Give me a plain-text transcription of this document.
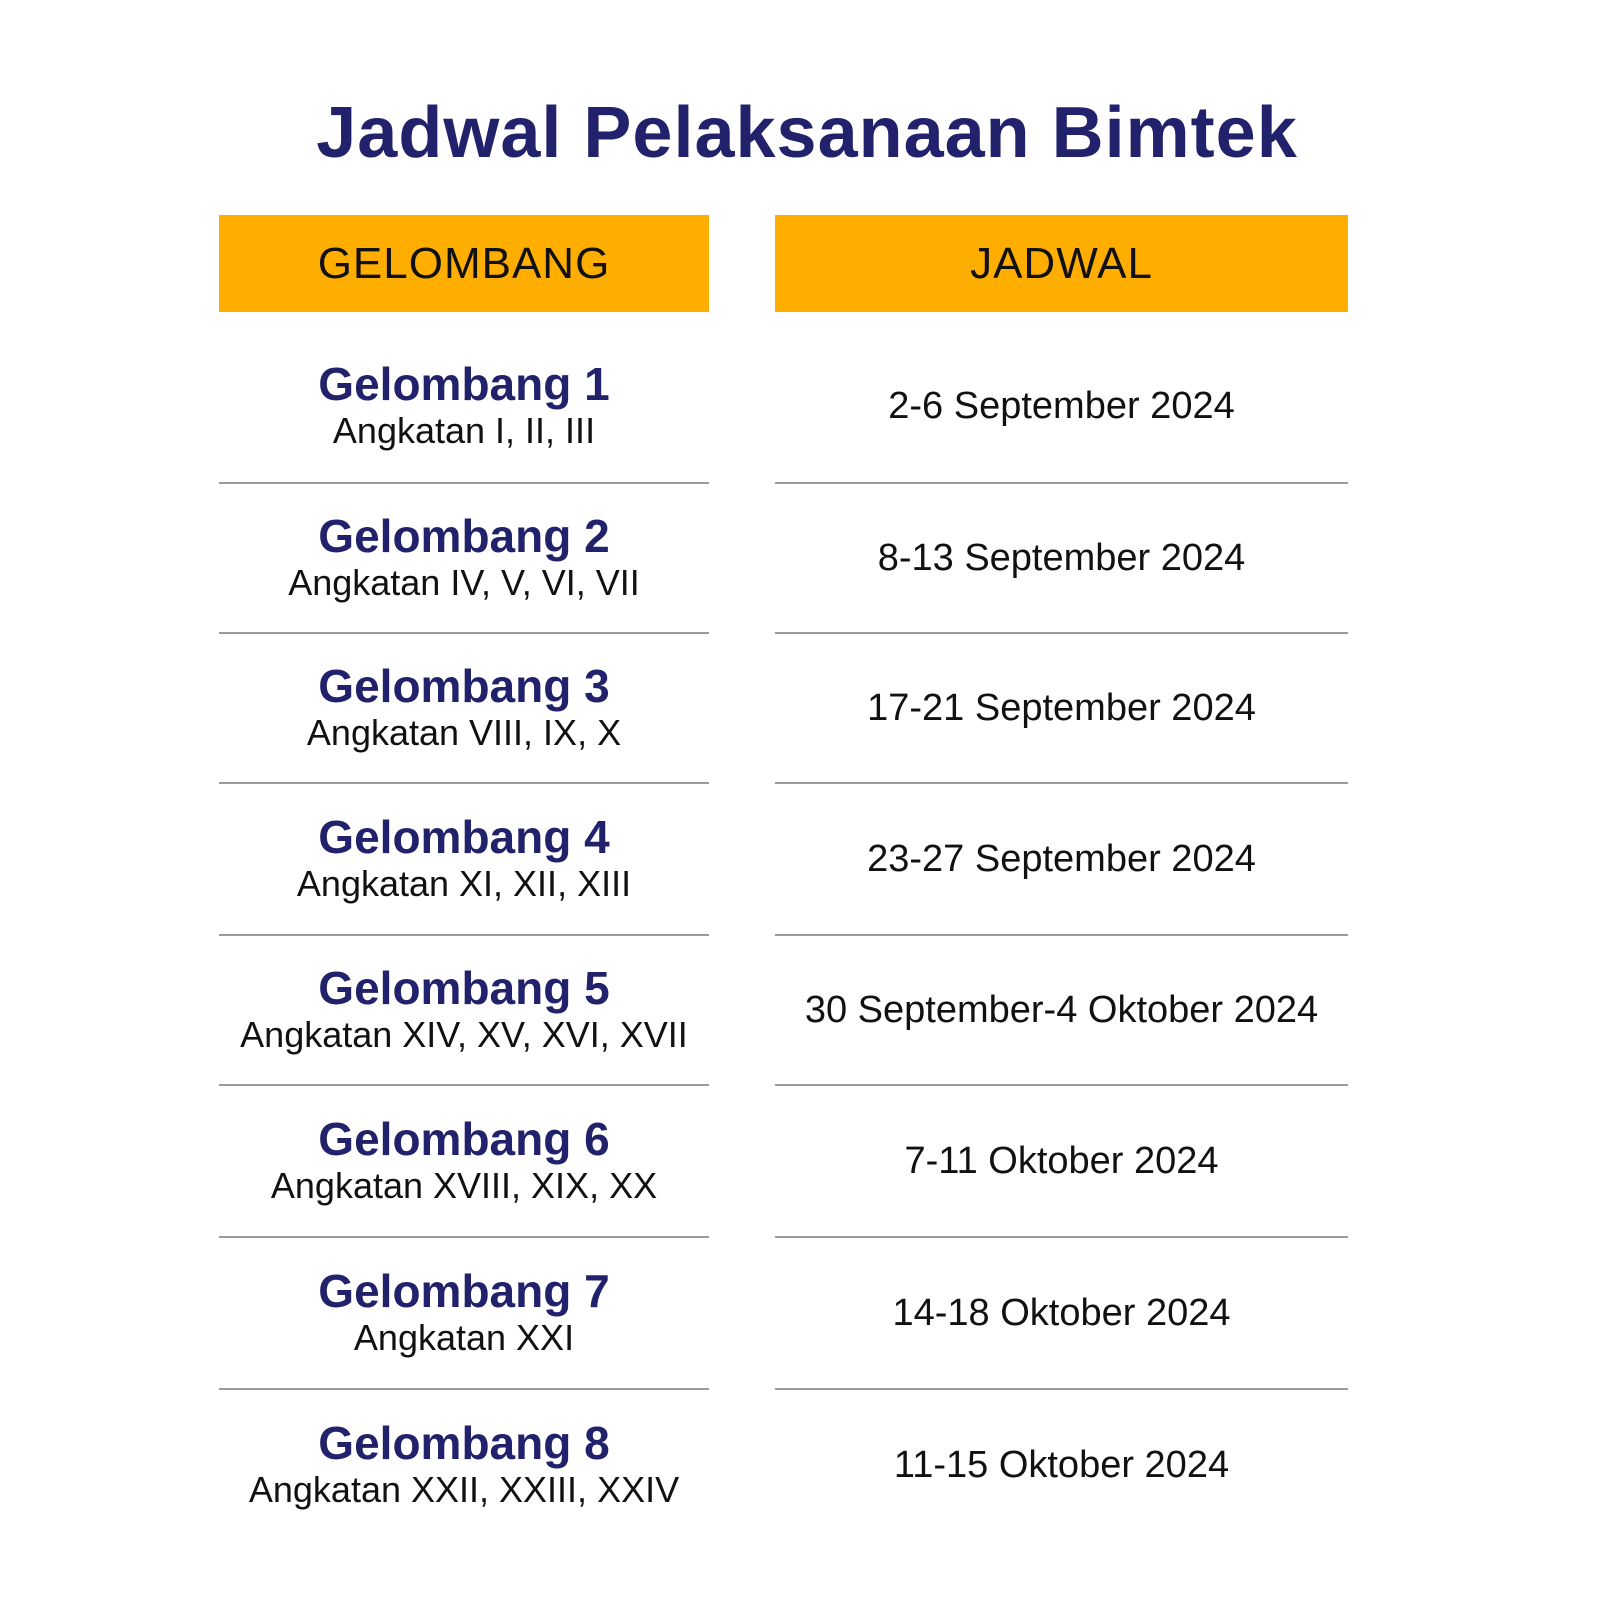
Jadwal Pelaksanaan Bimtek
GELOMBANG	JADWAL
Gelombang 1
Angkatan I, II, III
2-6 September 2024
Gelombang 2
Angkatan IV, V, VI, VII
8-13 September 2024
Gelombang 3
Angkatan VIII, IX, X
17-21 September 2024
Gelombang 4
Angkatan XI, XII, XIII
23-27 September 2024
Gelombang 5
Angkatan XIV, XV, XVI, XVII
30 September-4 Oktober 2024
Gelombang 6
Angkatan XVIII, XIX, XX
7-11 Oktober 2024
Gelombang 7
Angkatan XXI
14-18 Oktober 2024
Gelombang 8
Angkatan XXII, XXIII, XXIV
11-15 Oktober 2024
